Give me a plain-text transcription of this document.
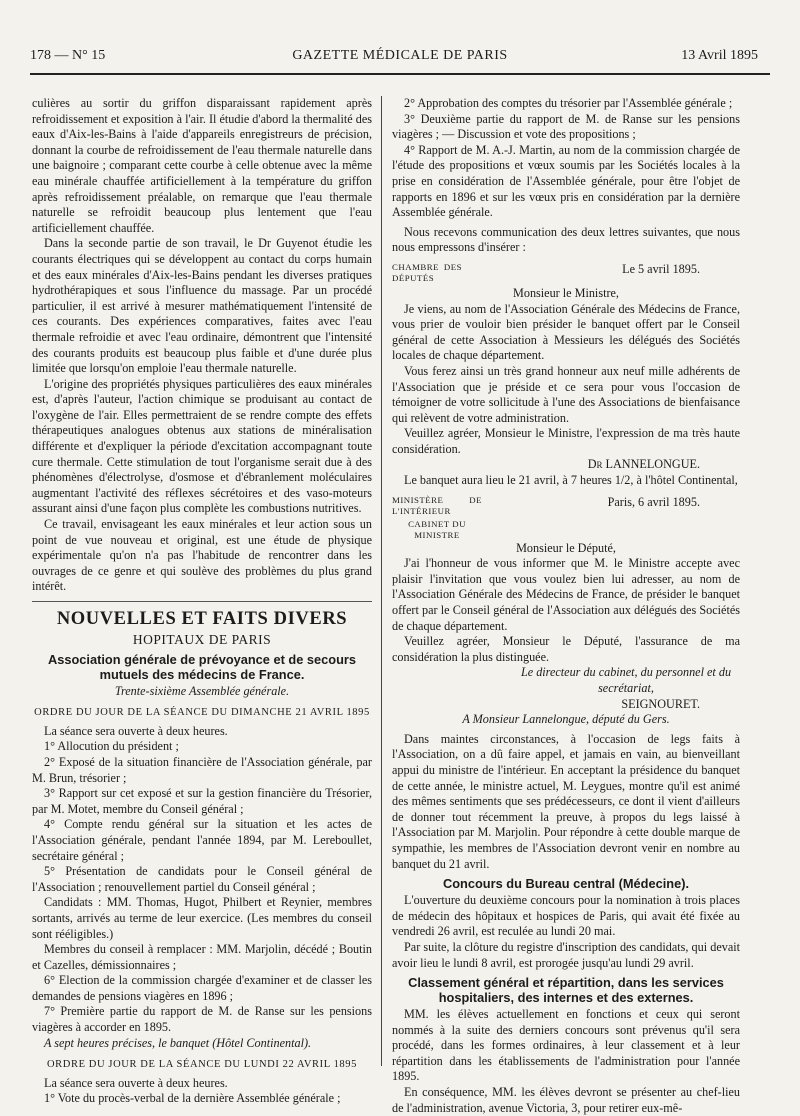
178 — N° 15	GAZETTE MÉDICALE DE PARIS	13 Avril 1895

culières au sortir du griffon disparaissant rapidement après refroidissement et exposition à l'air. Il étudie d'abord la thermalité des eaux d'Aix-les-Bains à l'aide d'appareils enregistreurs de précision, donnant la courbe de refroidissement de l'eau thermale naturelle dans une baignoire ; comparant cette courbe à celle obtenue avec la même eau minérale chauffée artificiellement à la température du griffon après refroidissement préalable, on remarque que l'eau thermale naturelle se refroidit beaucoup plus lentement que l'eau artificiellement chauffée.

Dans la seconde partie de son travail, le Dr Guyenot étudie les courants électriques qui se développent au contact du corps humain et des eaux minérales d'Aix-les-Bains pendant les diverses pratiques hydrothérapiques et sous l'influence du massage. Par un procédé particulier, il est arrivé à mesurer mathématiquement l'intensité de ces courants. Des expériences comparatives, faites avec l'eau thermale refroidie et avec l'eau ordinaire, démontrent que l'intensité des courants produits est beaucoup plus faible et d'une durée plus limitée que lorsqu'on emploie l'eau thermale naturelle.

L'origine des propriétés physiques particulières des eaux minérales est, d'après l'auteur, l'action chimique se produisant au contact de l'oxygène de l'air. Elles permettraient de se rendre compte des effets thérapeutiques analogues obtenus aux stations de minéralisation différente et d'expliquer la période d'excitation accompagnant toute cure thermale. Cette stimulation de tout l'organisme serait due à des phénomènes d'électrolyse, d'osmose et d'ébranlement moléculaires augmentant l'activité des réflexes sécrétoires et des vaso-moteurs assurant ainsi d'une façon plus complète les combustions nutritives.

Ce travail, envisageant les eaux minérales et leur action sous un point de vue nouveau et original, est une étude de physique expérimentale qu'on n'a pas l'habitude de rencontrer dans les ouvrages de ce genre et qui soulève des problèmes du plus grand intérêt.

NOUVELLES ET FAITS DIVERS
HOPITAUX DE PARIS
Association générale de prévoyance et de secours mutuels des médecins de France.
Trente-sixième Assemblée générale.
ORDRE DU JOUR DE LA SÉANCE DU DIMANCHE 21 AVRIL 1895

La séance sera ouverte à deux heures.

1° Allocution du président ;

2° Exposé de la situation financière de l'Association générale, par M. Brun, trésorier ;

3° Rapport sur cet exposé et sur la gestion financière du Trésorier, par M. Motet, membre du Conseil général ;

4° Compte rendu général sur la situation et les actes de l'Association générale, pendant l'année 1894, par M. Lereboullet, secrétaire général ;

5° Présentation de candidats pour le Conseil général de l'Association ; renouvellement partiel du Conseil général ;

Candidats : MM. Thomas, Hugot, Philbert et Reynier, membres sortants, arrivés au terme de leur exercice. (Les membres du conseil sont rééligibles.)

Membres du conseil à remplacer : MM. Marjolin, décédé ; Boutin et Cazelles, démissionnaires ;

6° Election de la commission chargée d'examiner et de classer les demandes de pensions viagères en 1896 ;

7° Première partie du rapport de M. de Ranse sur les pensions viagères à accorder en 1895.

A sept heures précises, le banquet (Hôtel Continental).

ORDRE DU JOUR DE LA SÉANCE DU LUNDI 22 AVRIL 1895

La séance sera ouverte à deux heures.

1° Vote du procès-verbal de la dernière Assemblée générale ;

2° Approbation des comptes du trésorier par l'Assemblée générale ;

3° Deuxième partie du rapport de M. de Ranse sur les pensions viagères ; — Discussion et vote des propositions ;

4° Rapport de M. A.-J. Martin, au nom de la commission chargée de l'étude des propositions et vœux soumis par les Sociétés locales à la prise en considération de l'Assemblée générale, pour être l'objet de rapports en 1896 et sur les vœux pris en considération par la dernière Assemblée générale.

Nous recevons communication des deux lettres suivantes, que nous nous empressons d'insérer :

CHAMBRE DES DÉPUTÉS
Le 5 avril 1895.

Monsieur le Ministre,

Je viens, au nom de l'Association Générale des Médecins de France, vous prier de vouloir bien présider le banquet offert par le Conseil général de cette Association à Messieurs les délégués des Sociétés locales de chaque département.

Vous ferez ainsi un très grand honneur aux neuf mille adhérents de l'Association que je préside et ce sera pour vous l'occasion de témoigner de votre sollicitude à l'une des Associations de bienfaisance qui relèvent de votre administration.

Veuillez agréer, Monsieur le Ministre, l'expression de ma très haute considération.

Dr LANNELONGUE.

Le banquet aura lieu le 21 avril, à 7 heures 1/2, à l'hôtel Continental,

MINISTÈRE DE L'INTÉRIEUR
Paris, 6 avril 1895.
CABINET DU MINISTRE

Monsieur le Député,

J'ai l'honneur de vous informer que M. le Ministre accepte avec plaisir l'invitation que vous voulez bien lui adresser, au nom de l'Association Générale des Médecins de France, de présider le banquet offert par le Conseil général de l'Association aux délégués des Sociétés de chaque département.

Veuillez agréer, Monsieur le Député, l'assurance de ma considération la plus distinguée.

Le directeur du cabinet, du personnel et du secrétariat,

SEIGNOURET.

A Monsieur Lannelongue, député du Gers.

Dans maintes circonstances, à l'occasion de legs faits à l'Association, on a dû faire appel, et jamais en vain, au bienveillant appui du ministre de l'intérieur. En acceptant la présidence du banquet de cette année, le ministre actuel, M. Leygues, montre qu'il est animé des mêmes sentiments que ses prédécesseurs, ce dont il vient d'ailleurs de donner tout récemment la preuve, à propos du legs laissé à l'Association par M. Marjolin. Pour répondre à cette double marque de sympathie, les membres de l'Association devront venir en nombre au banquet du 21 avril.

Concours du Bureau central (Médecine).

L'ouverture du deuxième concours pour la nomination à trois places de médecin des hôpitaux et hospices de Paris, qui avait été fixée au vendredi 26 avril, est reculée au lundi 20 mai.

Par suite, la clôture du registre d'inscription des candidats, qui devait avoir lieu le lundi 8 avril, est prorogée jusqu'au lundi 29 avril.

Classement général et répartition, dans les services hospitaliers, des internes et des externes.

MM. les élèves actuellement en fonctions et ceux qui seront nommés à la suite des derniers concours sont prévenus qu'il sera procédé, dans les formes ordinaires, à leur classement et à leur répartition dans les établissements de l'administration pour l'année 1895.

En conséquence, MM. les élèves devront se présenter au chef-lieu de l'administration, avenue Victoria, 3, pour retirer eux-mê-
